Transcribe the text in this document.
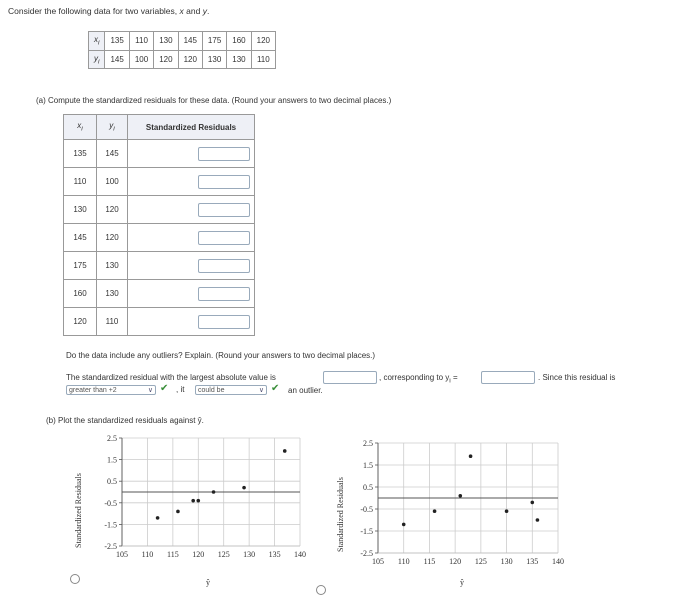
Consider the following data for two variables, x and y.
$x_i$	135	110	130	145	175	160	120
$y_i$	145	100	120	120	130	130	110
(a) Compute the standardized residuals for these data. (Round your answers to two decimal places.)
$x_i$	$y_i$	Standardized Residuals
135	145	
110	100	
130	120	
145	120	
175	130	
160	130	
120	110	
Do the data include any outliers? Explain. (Round your answers to two decimal places.)
The standardized residual with the largest absolute value is	, corresponding to $y_i$ =	. Since this residual is
greater than +2	∨ ✔ , it	could be	∨ ✔ an outlier.
(b) Plot the standardized residuals against ŷ.
105 110 115 120 125 130 135 140
2.5
1.5
0.5
-0.5
-1.5
-2.5
Standardized Residuals
ŷ
105 110 115 120 125 130 135 140
2.5
1.5
0.5
-0.5
-1.5
-2.5
Standardized Residuals
ŷ
